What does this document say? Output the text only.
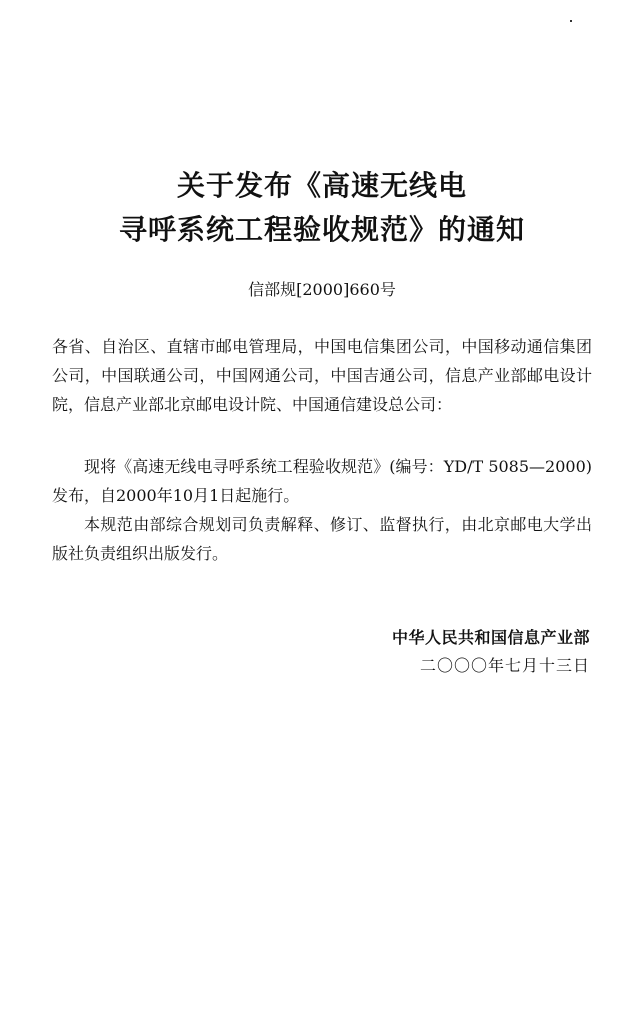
关于发布《高速无线电
寻呼系统工程验收规范》的通知
信部规[2000]660号
各省、自治区、直辖市邮电管理局，中国电信集团公司，中国移动通信集团公司，中国联通公司，中国网通公司，中国吉通公司，信息产业部邮电设计院，信息产业部北京邮电设计院、中国通信建设总公司：
现将《高速无线电寻呼系统工程验收规范》(编号：YD/T 5085—2000)发布，自2000年10月1日起施行。
本规范由部综合规划司负责解释、修订、监督执行，由北京邮电大学出版社负责组织出版发行。
中华人民共和国信息产业部
二〇〇〇年七月十三日
